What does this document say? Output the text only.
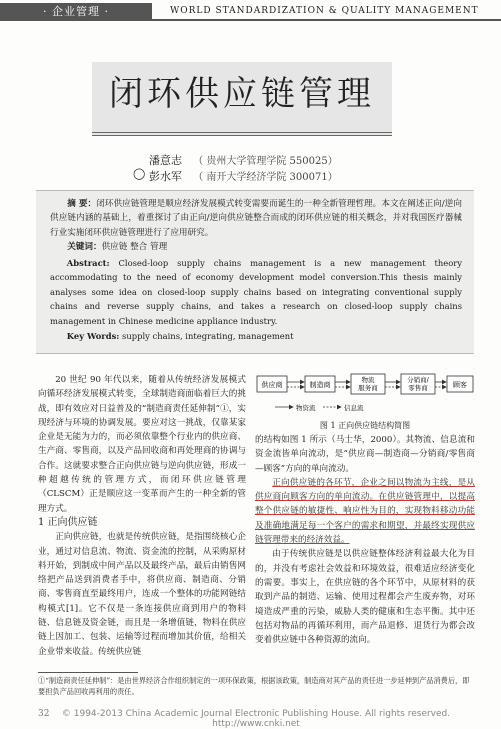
· 企业管理 ·	WORLD STANDARDIZATION & QUALITY MANAGEMENT
闭环供应链管理
◯
潘意志 （ 贵州大学管理学院 550025）
彭水军 （ 南开大学经济学院 300071）
摘 要：闭环供应链管理是顺应经济发展模式转变需要而诞生的一种全新管理哲理。本文在阐述正向/逆向供应链内涵的基础上，着重探讨了由正向/逆向供应链整合而成的闭环供应链的相关概念，并对我国医疗器械行业实施闭环供应链管理进行了应用研究。
关键词：供应链 整合 管理
Abstract: Closed-loop supply chains management is a new management theory accommodating to the need of economy development model conversion.This thesis mainly analyses some idea on closed-loop supply chains based on integrating conventional supply chains and reverse supply chains, and takes a research on closed-loop supply chains management in Chinese medicine appliance industry.
Key Words: supply chains, integrating, management

20 世纪 90 年代以来，随着从传统经济发展模式向循环经济发展模式转变，全球制造商面临着巨大的挑战，即有效应对日益普及的“制造商责任延伸制”①，实现经济与环境的协调发展。要应对这一挑战，仅靠某家企业是无能为力的，而必须依靠整个行业内的供应商、生产商、零售商，以及产品回收商和再处理商的协调与合作。这就要求整合正向供应链与逆向供应链，形成一种超越传统的管理方式，而闭环供应链管理（CLSCM）正是顺应这一变革而产生的一种全新的管理方式。

1 正向供应链

正向供应链，也就是传统供应链，是指围绕核心企业，通过对信息流、物流、资金流的控制，从采购原材料开始，到制成中间产品以及最终产品，最后由销售网络把产品送到消费者手中，将供应商、制造商、分销商、零售商直至最终用户，连成一个整体的功能网链结构模式[1]。它不仅是一条连接供应商到用户的物料链、信息链及资金链，而且是一条增值链，物料在供应链上因加工、包装、运输等过程而增加其价值，给相关企业带来收益。传统供应链

供应商	制造商
物流
服务商
分销商/
零售商	顾客
物资流	信息流
图 1 正向供应链结构简图

的结构如图 1 所示（马士华，2000）。其物流、信息流和资金流皆单向流动，是“供应商—制造商—分销商/零售商—顾客”方向的单向流动。

正向供应链的各环节，企业之间以物流为主线，是从供应商向顾客方向的单向流动。在供应链管理中，以提高整个供应链的敏捷性、响应性为目的，实现物料移动功能及准确地满足每一个客户的需求和期望，并最终实现供应链管理带来的经济效益。

由于传统供应链是以供应链整体经济利益最大化为目的，并没有考虑社会效益和环境效益，很难适应经济变化的需要。事实上，在供应链的各个环节中，从原材料的获取到产品的制造、运输、使用过程都会产生废弃物，对环境造成严重的污染，威胁人类的健康和生态平衡。其中还包括对物品的再循环利用，而产品退修、退货行为都会改变着供应链中各种资源的流向。

①“制造商责任延伸制”：是由世界经济合作组织制定的一项环保政策，根据该政策，制造商对其产品的责任进一步延伸到产品消费后，即要担负产品回收再利用的责任。
32	© 1994-2013 China Academic Journal Electronic Publishing House. All rights reserved. http://www.cnki.net
